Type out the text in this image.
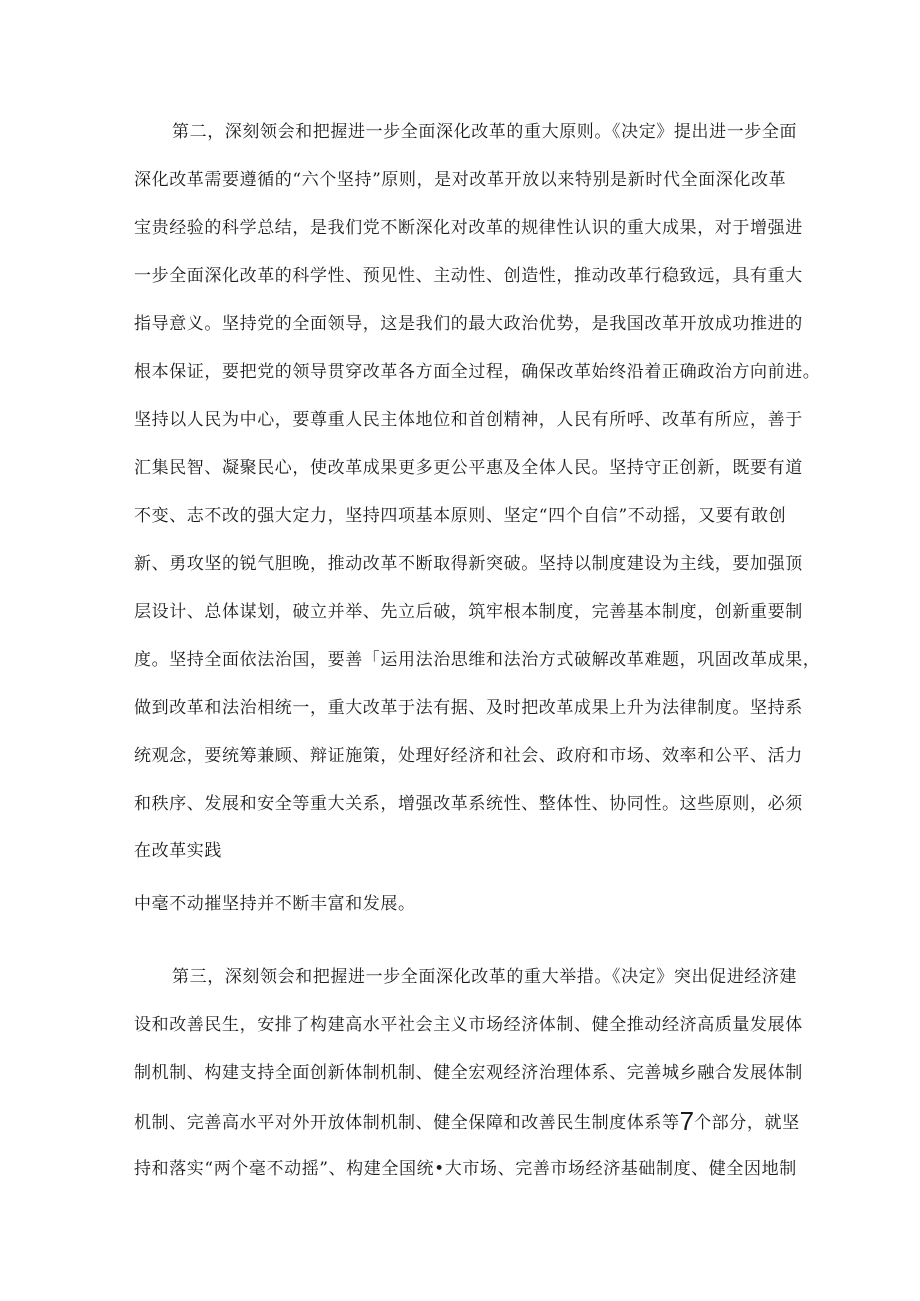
第二，深刻领会和把握进一步全面深化改革的重大原则。《决定》提出进一步全面
深化改革需要遵循的“六个坚持”原则，是对改革开放以来特别是新时代全面深化改革
宝贵经验的科学总结，是我们党不断深化对改革的规律性认识的重大成果，对于增强进
一步全面深化改革的科学性、预见性、主动性、创造性，推动改革行稳致远，具有重大
指导意义。坚持党的全面领导，这是我们的最大政治优势，是我国改革开放成功推进的
根本保证，要把党的领导贯穿改革各方面全过程，确保改革始终沿着正确政治方向前进。
坚持以人民为中心，要尊重人民主体地位和首创精神，人民有所呼、改革有所应，善于
汇集民智、凝聚民心，使改革成果更多更公平惠及全体人民。坚持守正创新，既要有道
不变、志不改的强大定力，坚持四项基本原则、坚定“四个自信”不动摇，又要有敢创
新、勇攻坚的锐气胆晚，推动改革不断取得新突破。坚持以制度建设为主线，要加强顶
层设计、总体谋划，破立并举、先立后破，筑牢根本制度，完善基本制度，创新重要制
度。坚持全面依法治国，要善「运用法治思维和法治方式破解改革难题，巩固改革成果，
做到改革和法治相统一，重大改革于法有据、及时把改革成果上升为法律制度。坚持系
统观念，要统筹兼顾、辩证施策，处理好经济和社会、政府和市场、效率和公平、活力
和秩序、发展和安全等重大关系，增强改革系统性、整体性、协同性。这些原则，必须
在改革实践
中毫不动摧坚持并不断丰富和发展。
第三，深刻领会和把握进一步全面深化改革的重大举措。《决定》突出促进经济建
设和改善民生，安排了构建高水平社会主义市场经济体制、健全推动经济高质量发展体
制机制、构建支持全面创新体制机制、健全宏观经济治理体系、完善城乡融合发展体制
机制、完善高水平对外开放体制机制、健全保障和改善民生制度体系等7个部分，就坚
持和落实“两个毫不动摇”、构建全国统•大市场、完善市场经济基础制度、健全因地制
